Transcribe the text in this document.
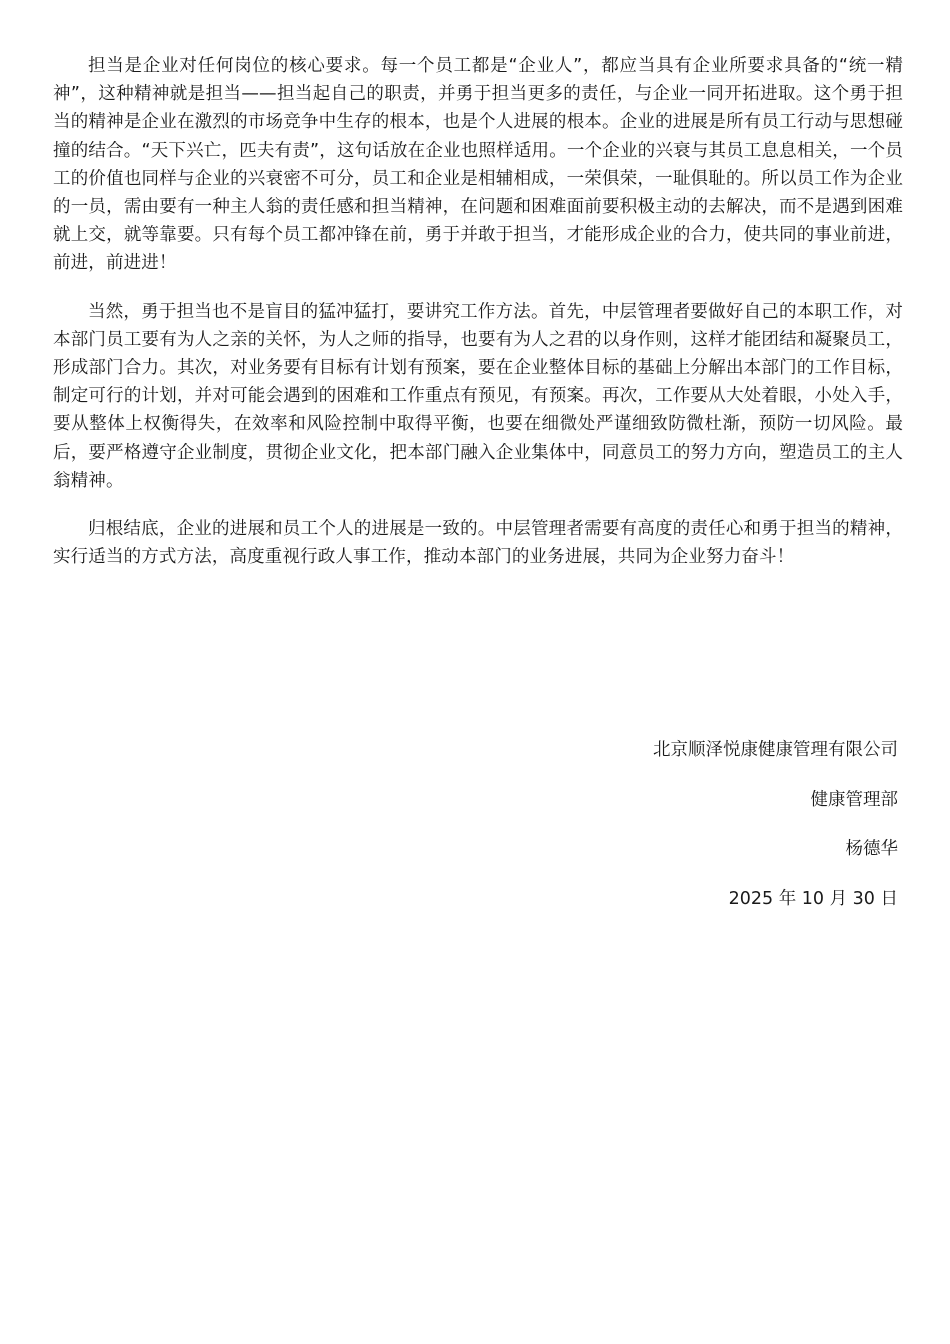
担当是企业对任何岗位的核心要求。每一个员工都是“企业人”，都应当具有企业所要求具备的“统一精神”，这种精神就是担当——担当起自己的职责，并勇于担当更多的责任，与企业一同开拓进取。这个勇于担当的精神是企业在激烈的市场竞争中生存的根本，也是个人进展的根本。企业的进展是所有员工行动与思想碰撞的结合。“天下兴亡，匹夫有责”，这句话放在企业也照样适用。一个企业的兴衰与其员工息息相关，一个员工的价值也同样与企业的兴衰密不可分，员工和企业是相辅相成，一荣俱荣，一耻俱耻的。所以员工作为企业的一员，需由要有一种主人翁的责任感和担当精神，在问题和困难面前要积极主动的去解决，而不是遇到困难就上交，就等靠要。只有每个员工都冲锋在前，勇于并敢于担当，才能形成企业的合力，使共同的事业前进，前进，前进进！

当然，勇于担当也不是盲目的猛冲猛打，要讲究工作方法。首先，中层管理者要做好自己的本职工作，对本部门员工要有为人之亲的关怀，为人之师的指导，也要有为人之君的以身作则，这样才能团结和凝聚员工，形成部门合力。其次，对业务要有目标有计划有预案，要在企业整体目标的基础上分解出本部门的工作目标，制定可行的计划，并对可能会遇到的困难和工作重点有预见，有预案。再次，工作要从大处着眼，小处入手，要从整体上权衡得失，在效率和风险控制中取得平衡，也要在细微处严谨细致防微杜渐，预防一切风险。最后，要严格遵守企业制度，贯彻企业文化，把本部门融入企业集体中，同意员工的努力方向，塑造员工的主人翁精神。

归根结底，企业的进展和员工个人的进展是一致的。中层管理者需要有高度的责任心和勇于担当的精神，实行适当的方式方法，高度重视行政人事工作，推动本部门的业务进展，共同为企业努力奋斗！

北京顺泽悦康健康管理有限公司
健康管理部
杨德华
2025 年 10 月 30 日
